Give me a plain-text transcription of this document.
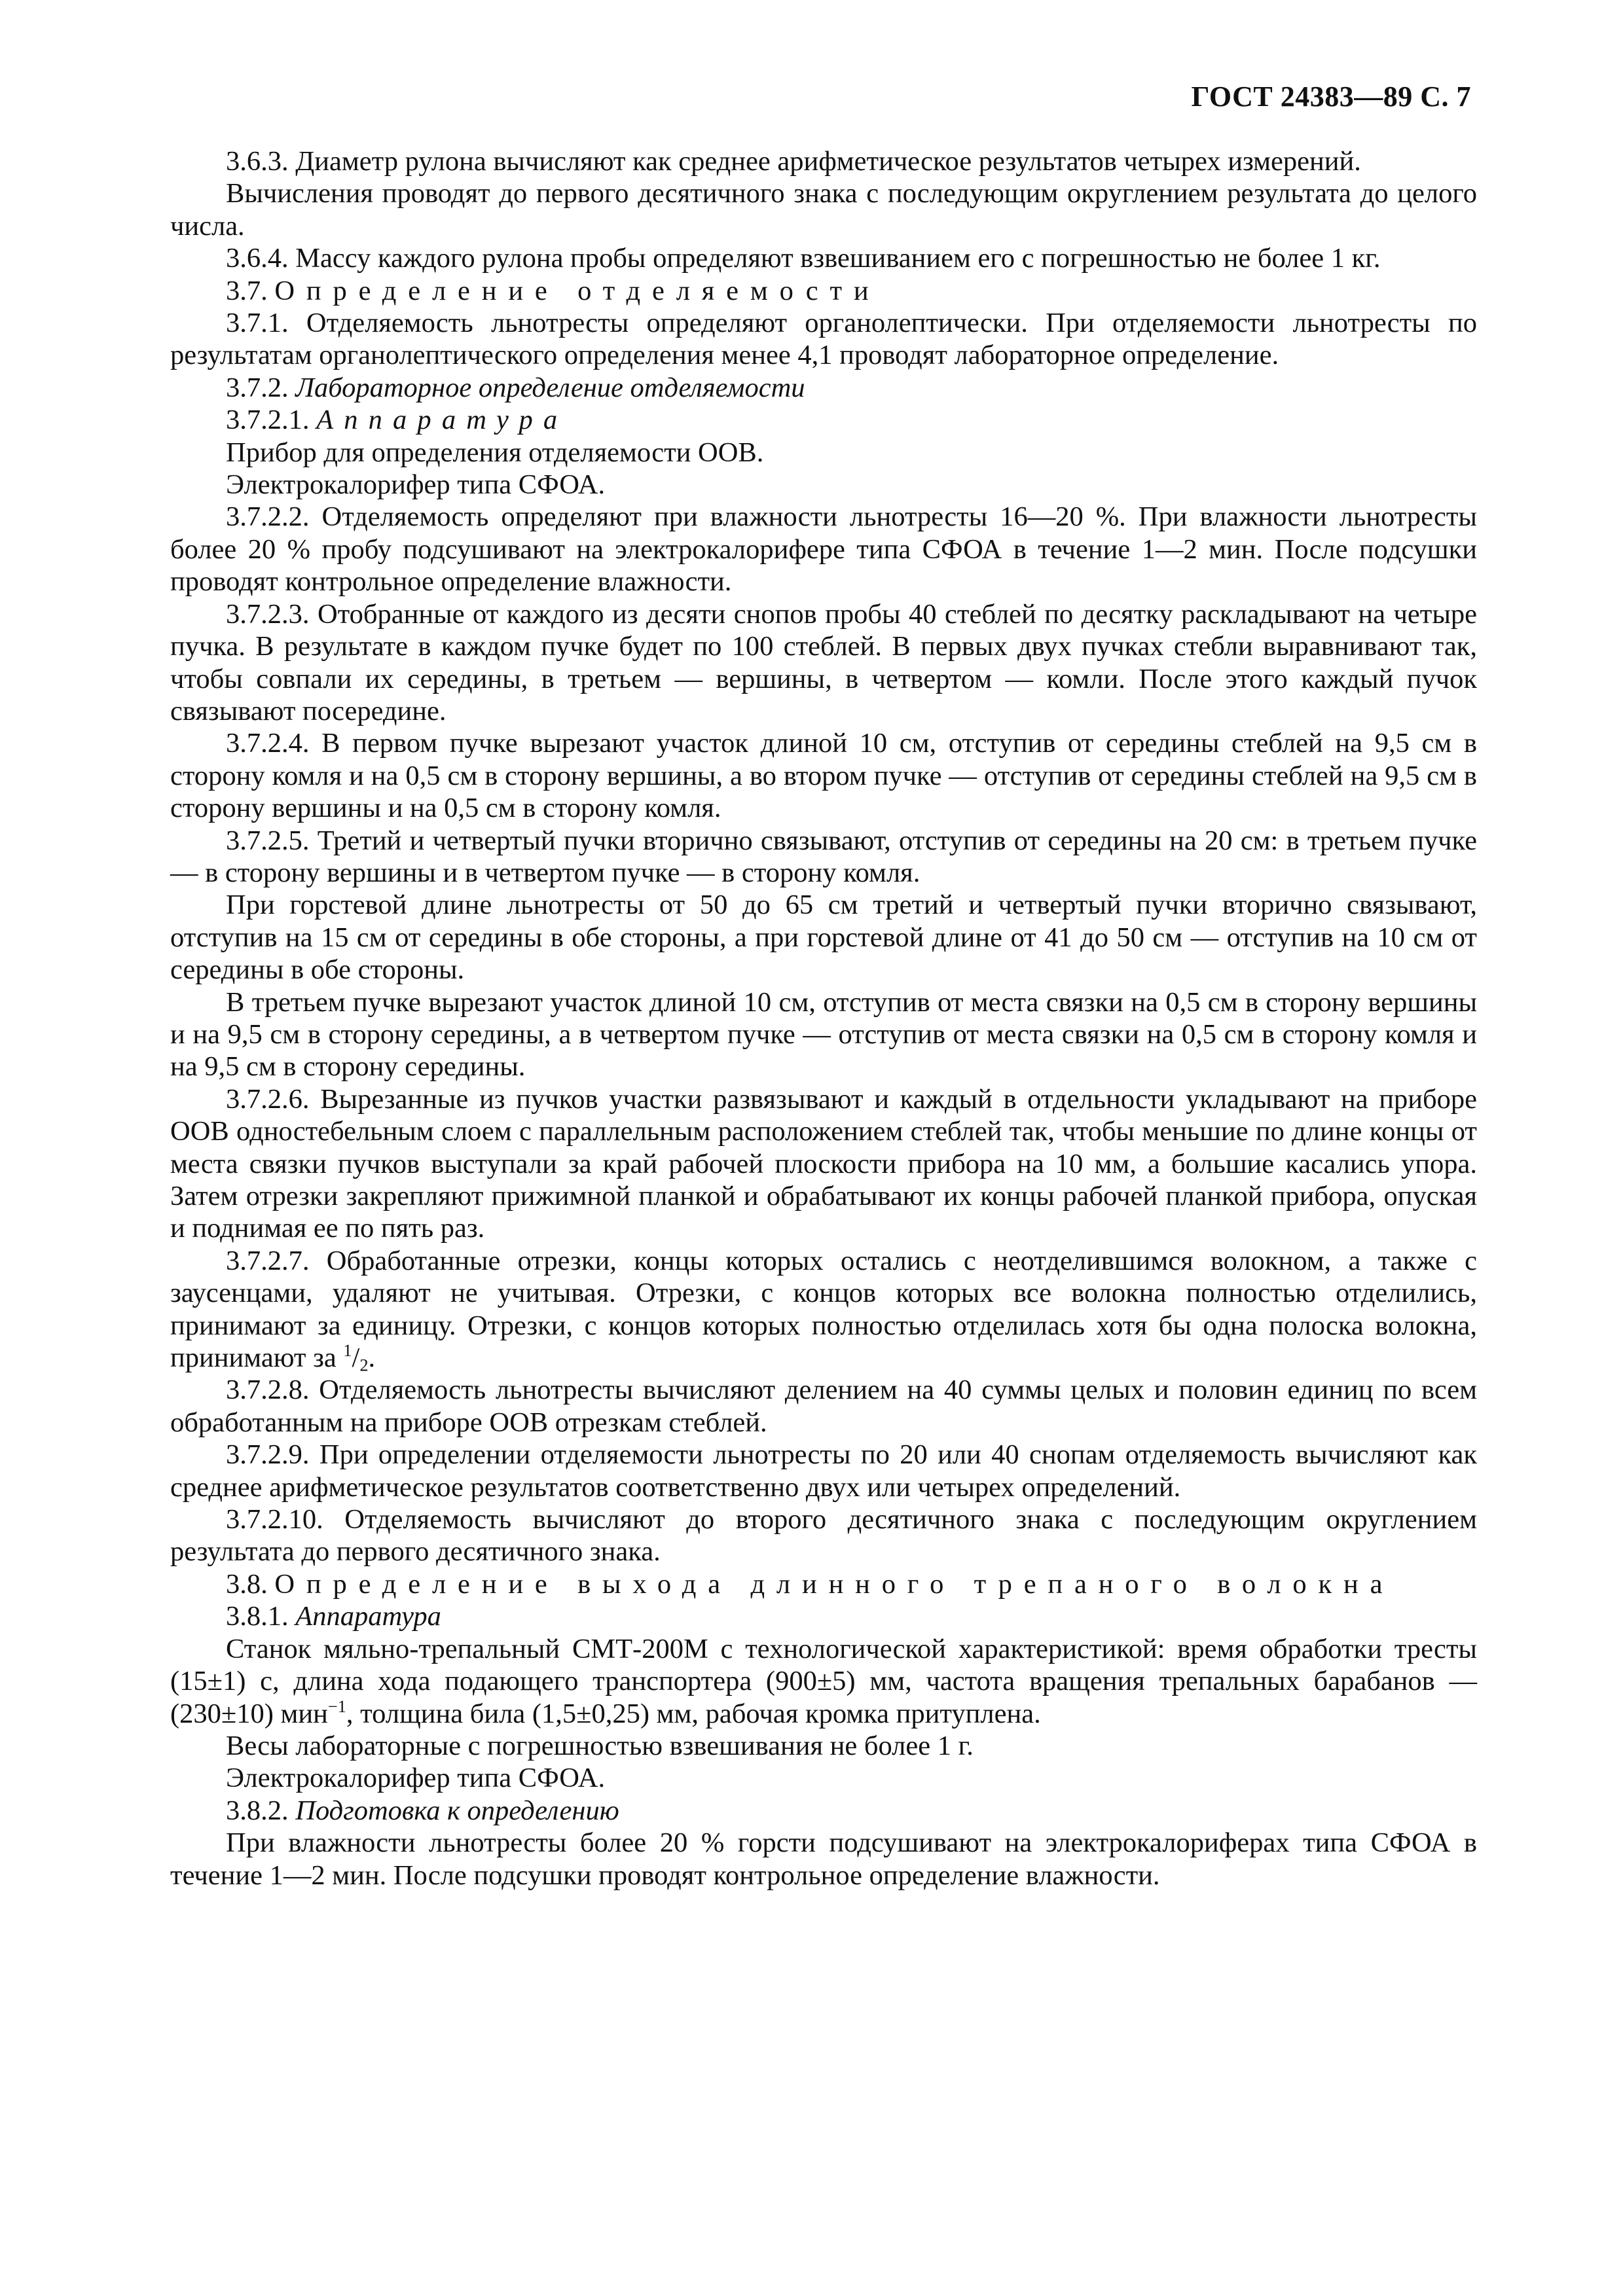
ГОСТ 24383—89 С. 7

3.6.3. Диаметр рулона вычисляют как среднее арифметическое результатов четырех измерений.

Вычисления проводят до первого десятичного знака с последующим округлением результата до целого числа.

3.6.4. Массу каждого рулона пробы определяют взвешиванием его с погрешностью не более 1 кг.

3.7. Определение отделяемости

3.7.1. Отделяемость льнотресты определяют органолептически. При отделяемости льнотресты по результатам органолептического определения менее 4,1 проводят лабораторное определение.

3.7.2. Лабораторное определение отделяемости

3.7.2.1. Аппаратура

Прибор для определения отделяемости ООВ.

Электрокалорифер типа СФОА.

3.7.2.2. Отделяемость определяют при влажности льнотресты 16—20 %. При влажности льнотресты более 20 % пробу подсушивают на электрокалорифере типа СФОА в течение 1—2 мин. После подсушки проводят контрольное определение влажности.

3.7.2.3. Отобранные от каждого из десяти снопов пробы 40 стеблей по десятку раскладывают на четыре пучка. В результате в каждом пучке будет по 100 стеблей. В первых двух пучках стебли выравнивают так, чтобы совпали их середины, в третьем — вершины, в четвертом — комли. После этого каждый пучок связывают посередине.

3.7.2.4. В первом пучке вырезают участок длиной 10 см, отступив от середины стеблей на 9,5 см в сторону комля и на 0,5 см в сторону вершины, а во втором пучке — отступив от середины стеблей на 9,5 см в сторону вершины и на 0,5 см в сторону комля.

3.7.2.5. Третий и четвертый пучки вторично связывают, отступив от середины на 20 см: в третьем пучке — в сторону вершины и в четвертом пучке — в сторону комля.

При горстевой длине льнотресты от 50 до 65 см третий и четвертый пучки вторично связывают, отступив на 15 см от середины в обе стороны, а при горстевой длине от 41 до 50 см — отступив на 10 см от середины в обе стороны.

В третьем пучке вырезают участок длиной 10 см, отступив от места связки на 0,5 см в сторону вершины и на 9,5 см в сторону середины, а в четвертом пучке — отступив от места связки на 0,5 см в сторону комля и на 9,5 см в сторону середины.

3.7.2.6. Вырезанные из пучков участки развязывают и каждый в отдельности укладывают на приборе ООВ одностебельным слоем с параллельным расположением стеблей так, чтобы меньшие по длине концы от места связки пучков выступали за край рабочей плоскости прибора на 10 мм, а большие касались упора. Затем отрезки закрепляют прижимной планкой и обрабатывают их концы рабочей планкой прибора, опуская и поднимая ее по пять раз.

3.7.2.7. Обработанные отрезки, концы которых остались с неотделившимся волокном, а также с заусенцами, удаляют не учитывая. Отрезки, с концов которых все волокна полностью отделились, принимают за единицу. Отрезки, с концов которых полностью отделилась хотя бы одна полоска волокна, принимают за $^1/_2$.

3.7.2.8. Отделяемость льнотресты вычисляют делением на 40 суммы целых и половин единиц по всем обработанным на приборе ООВ отрезкам стеблей.

3.7.2.9. При определении отделяемости льнотресты по 20 или 40 снопам отделяемость вычисляют как среднее арифметическое результатов соответственно двух или четырех определений.

3.7.2.10. Отделяемость вычисляют до второго десятичного знака с последующим округлением результата до первого десятичного знака.

3.8. Определение выхода длинного трепаного волокна

3.8.1. Аппаратура

Станок мяльно-трепальный СМТ-200М с технологической характеристикой: время обработки тресты (15±1) с, длина хода подающего транспортера (900±5) мм, частота вращения трепальных барабанов — (230±10) мин$^{-1}$, толщина била (1,5±0,25) мм, рабочая кромка притуплена.

Весы лабораторные с погрешностью взвешивания не более 1 г.

Электрокалорифер типа СФОА.

3.8.2. Подготовка к определению

При влажности льнотресты более 20 % горсти подсушивают на электрокалориферах типа СФОА в течение 1—2 мин. После подсушки проводят контрольное определение влажности.
